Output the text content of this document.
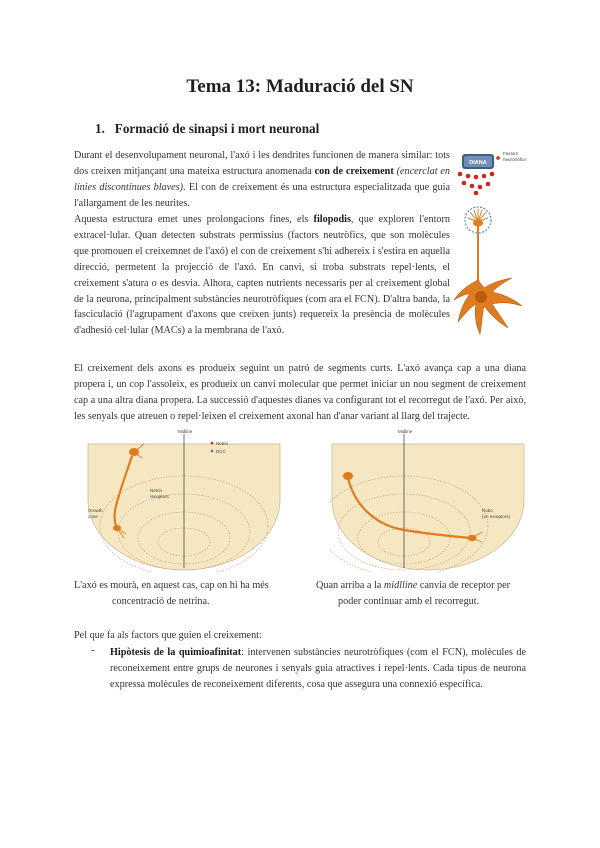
Tema 13: Maduració del SN
1. Formació de sinapsi i mort neuronal

Durant el desenvolupament neuronal, l'axó i les dendrites funcionen de manera similar: tots dos creixen mitjançant una mateixa estructura anomenada con de creixement (encerclat en línies discontínues blaves). El con de creixement és una estructura especialitzada que guia l'allargament de les neurites.

Aquesta estructura emet unes prolongacions fines, els filopodis, que exploren l'entorn extracel·lular. Quan detecten substrats permissius (factors neutròfics, que son molècules que promouen el creixemnet de l'axó) el con de creixement s'hi adhereix i s'estira en aquella direcció, permetent la projecció de l'axó. En canvi, si troba substrats repel·lents, el creixement s'atura o es desvia. Alhora, capten nutrients necessaris per al creixement global de la neurona, principalment substàncies neurotròfiques (com ara el FCN). D'altra banda, la fasciculació (l'agrupament d'axons que creixen junts) requereix la presència de molècules d'adhesió cel·lular (MACs) a la membrana de l'axó.

DIANA
Factors
neurotròfics

El creixement dels axons es produeix seguint un patró de segments curts. L'axó avança cap a una diana propera i, un cop l'assoleix, es produeix un canvi molecular que permet iniciar un nou segment de creixement cap a una altra diana propera. La successió d'aquestes dianes va configurant tot el recorregut de l'axó. Per això, les senyals que atreuen o repel·leixen el creixement axonal han d'anar variant al llarg del trajecte.

Midline
Netrin
DCC
Netrin
receptors
Growth
cone
Midline
Robo
(on receptors)

L'axó es mourà, en aquest cas, cap on hi ha més
concentració de netrina.

Quan arriba a la midlline canvia de receptor per
poder continuar amb el recorregut.

Pel que fa als factors que guien el creixement:

- Hipòtesis de la quimioafinitat: intervenen substàncies neurotròfiques (com el FCN), molècules de reconeixement entre grups de neurones i senyals guia atractives i repel·lents. Cada tipus de neurona expressa molècules de reconeixement diferents, cosa que assegura una connexió específica.
